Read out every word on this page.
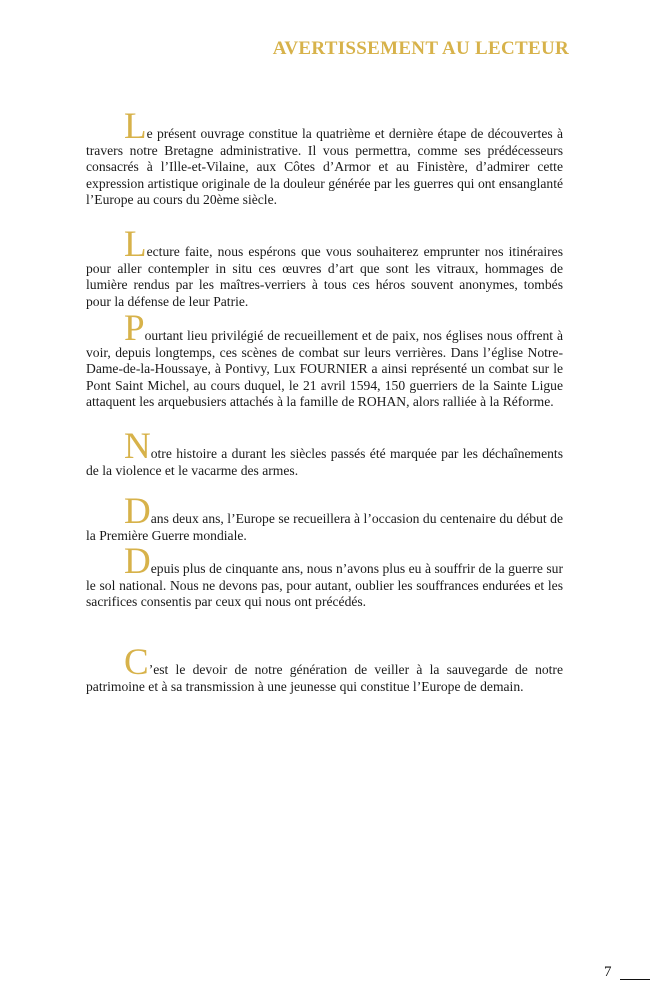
AVERTISSEMENT AU LECTEUR

Le présent ouvrage constitue la quatrième et dernière étape de découvertes à travers notre Bretagne administrative. Il vous permettra, comme ses prédécesseurs consacrés à l’Ille-et-Vilaine, aux Côtes d’Armor et au Finistère, d’admirer cette expression artistique originale de la douleur générée par les guerres qui ont ensanglanté l’Europe au cours du 20ème siècle.

Lecture faite, nous espérons que vous souhaiterez emprunter nos itinéraires pour aller contempler in situ ces œuvres d’art que sont les vitraux, hommages de lumière rendus par les maîtres-verriers à tous ces héros souvent anonymes, tombés pour la défense de leur Patrie.

Pourtant lieu privilégié de recueillement et de paix, nos églises nous offrent à voir, depuis longtemps, ces scènes de combat sur leurs verrières. Dans l’église Notre-Dame-de-la-Houssaye, à Pontivy, Lux FOURNIER a ainsi représenté un combat sur le Pont Saint Michel, au cours duquel, le 21 avril 1594, 150 guerriers de la Sainte Ligue attaquent les arquebusiers attachés à la famille de ROHAN, alors ralliée à la Réforme.

Notre histoire a durant les siècles passés été marquée par les déchaînements de la violence et le vacarme des armes.

Dans deux ans, l’Europe se recueillera à l’occasion du centenaire du début de la Première Guerre mondiale.

Depuis plus de cinquante ans, nous n’avons plus eu à souffrir de la guerre sur le sol national. Nous ne devons pas, pour autant, oublier les souffrances endurées et les sacrifices consentis par ceux qui nous ont précédés.

C’est le devoir de notre génération de veiller à la sauvegarde de notre patrimoine et à sa transmission à une jeunesse qui constitue l’Europe de demain.

7
